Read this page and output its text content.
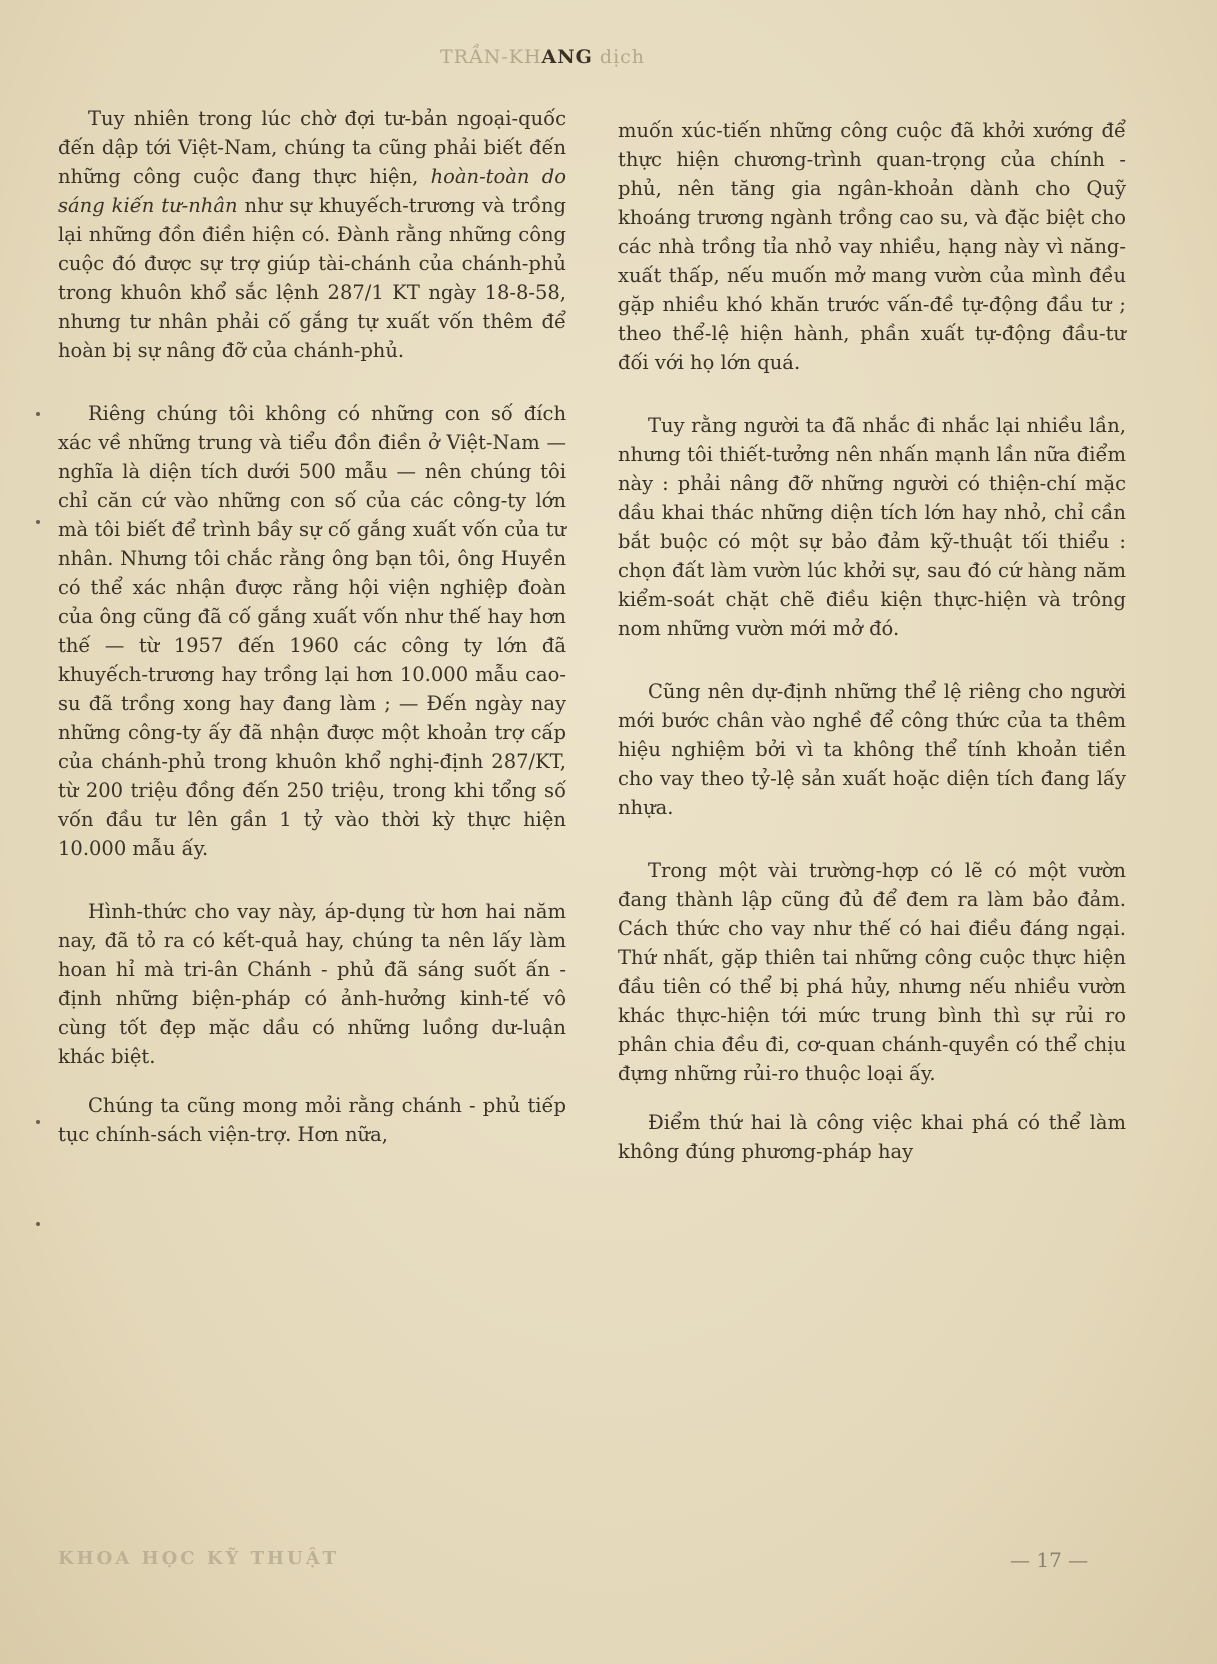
TRẦN-KHANG dịch

Tuy nhiên trong lúc chờ đợi tư-bản ngoại-quốc đến dập tới Việt-Nam, chúng ta cũng phải biết đến những công cuộc đang thực hiện, hoàn-toàn do sáng kiến tư-nhân như sự khuyếch-trương và trồng lại những đồn điền hiện có. Đành rằng những công cuộc đó được sự trợ giúp tài-chánh của chánh-phủ trong khuôn khổ sắc lệnh 287/1 KT ngày 18-8-58, nhưng tư nhân phải cố gắng tự xuất vốn thêm để hoàn bị sự nâng đỡ của chánh-phủ.

Riêng chúng tôi không có những con số đích xác về những trung và tiểu đồn điền ở Việt-Nam — nghĩa là diện tích dưới 500 mẫu — nên chúng tôi chỉ căn cứ vào những con số của các công-ty lớn mà tôi biết để trình bầy sự cố gắng xuất vốn của tư nhân. Nhưng tôi chắc rằng ông bạn tôi, ông Huyền có thể xác nhận được rằng hội viện nghiệp đoàn của ông cũng đã cố gắng xuất vốn như thế hay hơn thế — từ 1957 đến 1960 các công ty lớn đã khuyếch-trương hay trồng lại hơn 10.000 mẫu cao-su đã trồng xong hay đang làm ; — Đến ngày nay những công-ty ấy đã nhận được một khoản trợ cấp của chánh-phủ trong khuôn khổ nghị-định 287/KT, từ 200 triệu đồng đến 250 triệu, trong khi tổng số vốn đầu tư lên gần 1 tỷ vào thời kỳ thực hiện 10.000 mẫu ấy.

Hình-thức cho vay này, áp-dụng từ hơn hai năm nay, đã tỏ ra có kết-quả hay, chúng ta nên lấy làm hoan hỉ mà tri-ân Chánh - phủ đã sáng suốt ấn - định những biện-pháp có ảnh-hưởng kinh-tế vô cùng tốt đẹp mặc dầu có những luồng dư-luận khác biệt.

Chúng ta cũng mong mỏi rằng chánh - phủ tiếp tục chính-sách viện-trợ. Hơn nữa,

muốn xúc-tiến những công cuộc đã khởi xướng để thực hiện chương-trình quan-trọng của chính - phủ, nên tăng gia ngân-khoản dành cho Quỹ khoáng trương ngành trồng cao su, và đặc biệt cho các nhà trồng tỉa nhỏ vay nhiều, hạng này vì năng-xuất thấp, nếu muốn mở mang vườn của mình đều gặp nhiều khó khăn trước vấn-đề tự-động đầu tư ; theo thể-lệ hiện hành, phần xuất tự-động đầu-tư đối với họ lớn quá.

Tuy rằng người ta đã nhắc đi nhắc lại nhiều lần, nhưng tôi thiết-tưởng nên nhấn mạnh lần nữa điểm này : phải nâng đỡ những người có thiện-chí mặc dầu khai thác những diện tích lớn hay nhỏ, chỉ cần bắt buộc có một sự bảo đảm kỹ-thuật tối thiểu : chọn đất làm vườn lúc khởi sự, sau đó cứ hàng năm kiểm-soát chặt chẽ điều kiện thực-hiện và trông nom những vườn mới mở đó.

Cũng nên dự-định những thể lệ riêng cho người mới bước chân vào nghề để công thức của ta thêm hiệu nghiệm bởi vì ta không thể tính khoản tiền cho vay theo tỷ-lệ sản xuất hoặc diện tích đang lấy nhựa.

Trong một vài trường-hợp có lẽ có một vườn đang thành lập cũng đủ để đem ra làm bảo đảm. Cách thức cho vay như thế có hai điều đáng ngại. Thứ nhất, gặp thiên tai những công cuộc thực hiện đầu tiên có thể bị phá hủy, nhưng nếu nhiều vườn khác thực-hiện tới mức trung bình thì sự rủi ro phân chia đều đi, cơ-quan chánh-quyền có thể chịu đựng những rủi-ro thuộc loại ấy.

Điểm thứ hai là công việc khai phá có thể làm không đúng phương-pháp hay

KHOA HỌC KỸ THUẬT	— 17 —
